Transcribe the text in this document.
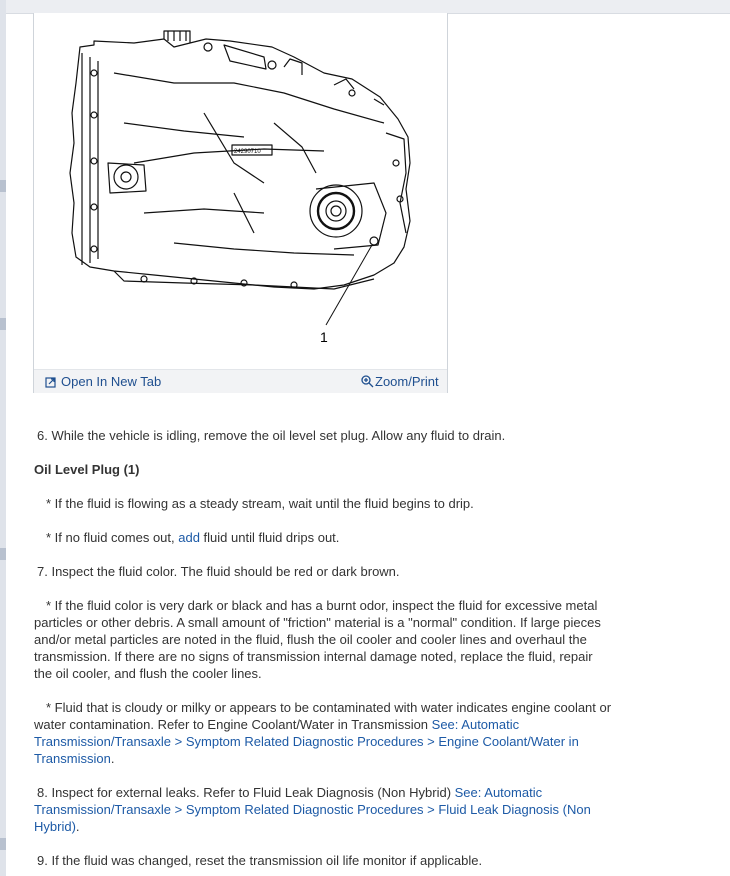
24290710
1
Open In New Tab	Zoom/Print

6. While the vehicle is idling, remove the oil level set plug. Allow any fluid to drain.

Oil Level Plug (1)

* If the fluid is flowing as a steady stream, wait until the fluid begins to drip.

* If no fluid comes out, add fluid until fluid drips out.

7. Inspect the fluid color. The fluid should be red or dark brown.

* If the fluid color is very dark or black and has a burnt odor, inspect the fluid for excessive metal particles or other debris. A small amount of "friction" material is a "normal" condition. If large pieces and/or metal particles are noted in the fluid, flush the oil cooler and cooler lines and overhaul the transmission. If there are no signs of transmission internal damage noted, replace the fluid, repair the oil cooler, and flush the cooler lines.

* Fluid that is cloudy or milky or appears to be contaminated with water indicates engine coolant or water contamination. Refer to Engine Coolant/Water in Transmission See: Automatic Transmission/Transaxle > Symptom Related Diagnostic Procedures > Engine Coolant/Water in Transmission.

8. Inspect for external leaks. Refer to Fluid Leak Diagnosis (Non Hybrid) See: Automatic Transmission/Transaxle > Symptom Related Diagnostic Procedures > Fluid Leak Diagnosis (Non Hybrid).

9. If the fluid was changed, reset the transmission oil life monitor if applicable.
